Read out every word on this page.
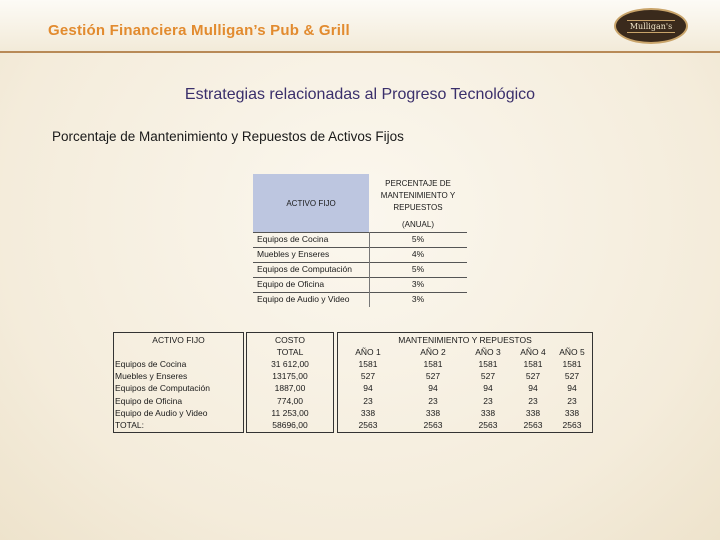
Gestión Financiera Mulligan’s Pub & Grill	Mulligan's
Estrategias relacionadas al Progreso Tecnológico
Porcentaje de Mantenimiento y Repuestos de Activos Fijos
ACTIVO FIJO
PERCENTAJE DE MANTENIMIENTO Y REPUESTOS
(ANUAL)
Equipos de Cocina	5%
Muebles y Enseres	4%
Equipos de Computación	5%
Equipo de Oficina	3%
Equipo de Audio y Video	3%
ACTIVO FIJO	COSTO
TOTAL
MANTENIMIENTO Y REPUESTOS
AÑO 1	AÑO 2	AÑO 3	AÑO 4	AÑO 5
Equipos de Cocina	31 612,00	1581	1581	1581	1581	1581
Muebles y Enseres	13175,00	527	527	527	527	527
Equipos de Computación	1887,00	94	94	94	94	94
Equipo de Oficina	774,00	23	23	23	23	23
Equipo de Audio y Video	11 253,00	338	338	338	338	338
TOTAL:	58696,00	2563	2563	2563	2563	2563
